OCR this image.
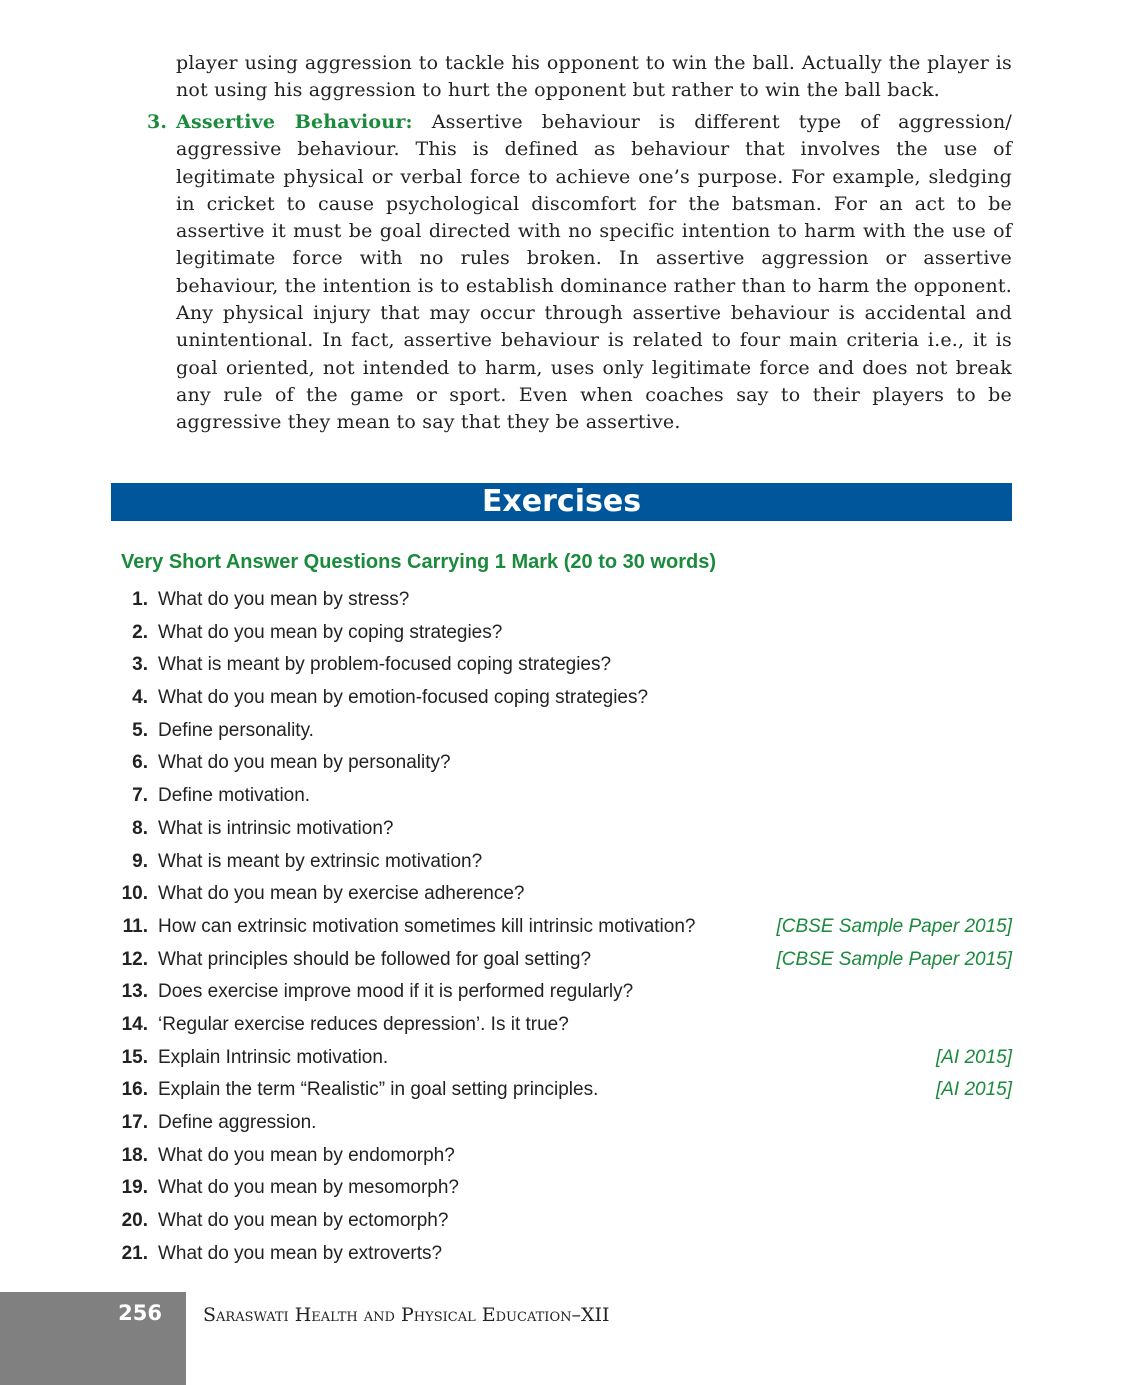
player using aggression to tackle his opponent to win the ball. Actually the player is not using his aggression to hurt the opponent but rather to win the ball back.

3. Assertive Behaviour: Assertive behaviour is different type of aggression/ aggressive behaviour. This is defined as behaviour that involves the use of legitimate physical or verbal force to achieve one’s purpose. For example, sledging in cricket to cause psychological discomfort for the batsman. For an act to be assertive it must be goal directed with no specific intention to harm with the use of legitimate force with no rules broken. In assertive aggression or assertive behaviour, the intention is to establish dominance rather than to harm the opponent. Any physical injury that may occur through assertive behaviour is accidental and unintentional. In fact, assertive behaviour is related to four main criteria i.e., it is goal oriented, not intended to harm, uses only legitimate force and does not break any rule of the game or sport. Even when coaches say to their players to be aggressive they mean to say that they be assertive.
Exercises
Very Short Answer Questions Carrying 1 Mark (20 to 30 words)
1. What do you mean by stress?
2. What do you mean by coping strategies?
3. What is meant by problem-focused coping strategies?
4. What do you mean by emotion-focused coping strategies?
5. Define personality.
6. What do you mean by personality?
7. Define motivation.
8. What is intrinsic motivation?
9. What is meant by extrinsic motivation?
10. What do you mean by exercise adherence?
11. How can extrinsic motivation sometimes kill intrinsic motivation?	[CBSE Sample Paper 2015]
12. What principles should be followed for goal setting?	[CBSE Sample Paper 2015]
13. Does exercise improve mood if it is performed regularly?
14. ‘Regular exercise reduces depression’. Is it true?
15. Explain Intrinsic motivation.	[AI 2015]
16. Explain the term “Realistic” in goal setting principles.	[AI 2015]
17. Define aggression.
18. What do you mean by endomorph?
19. What do you mean by mesomorph?
20. What do you mean by ectomorph?
21. What do you mean by extroverts?
256 Saraswati Health and Physical Education–XII
